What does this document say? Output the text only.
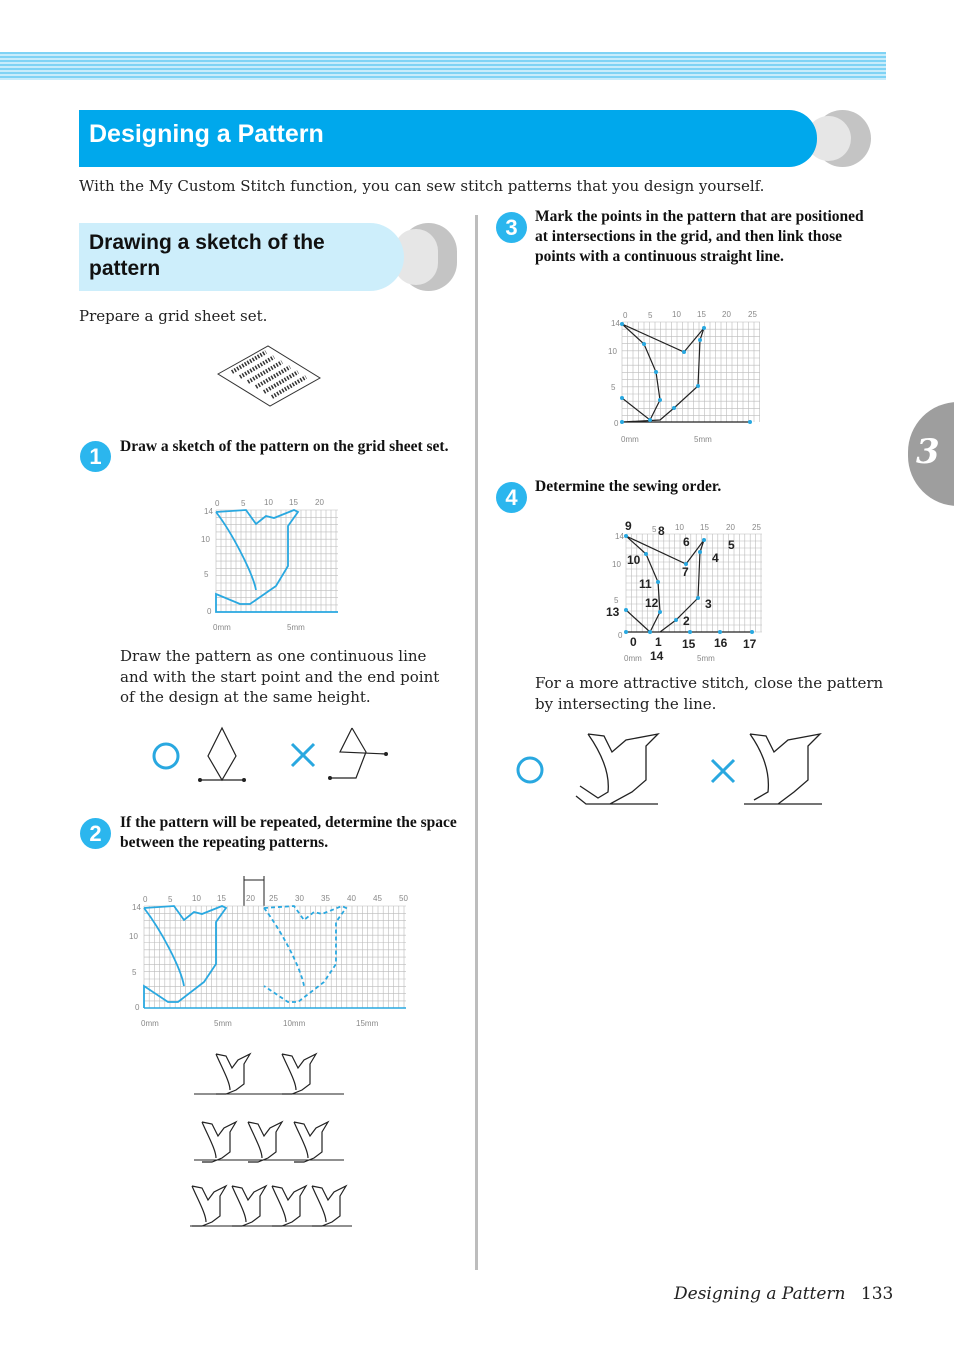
Designing a Pattern
With the My Custom Stitch function, you can sew stitch patterns that you design yourself.
Drawing a sketch of the pattern
Prepare a grid sheet set.
1	Draw a sketch of the pattern on the grid sheet set.
0	5 10 15 20
14
10
5
0
0mm	5mm
Draw the pattern as one continuous line and with the start point and the end point of the design at the same height.
2	If the pattern will be repeated, determine the space between the repeating patterns.
0	5 10 15	20 25 30 35 40 45 50
14
10
5
0
0mm	5mm	10mm	15mm
3	Mark the points in the pattern that are positioned at intersections in the grid, and then link those points with a continuous straight line.
0	5 10 15 20 25
14
10
5
0
0mm	5mm
4	Determine the sewing order.
5 10 15 20 25
14
10
5
0
0mm	5mm
0 1
2
3
4
5
6
7
8
9
10
11
12
13
14
15 16 17
For a more attractive stitch, close the pattern by intersecting the line.
3
Designing a Pattern 133
